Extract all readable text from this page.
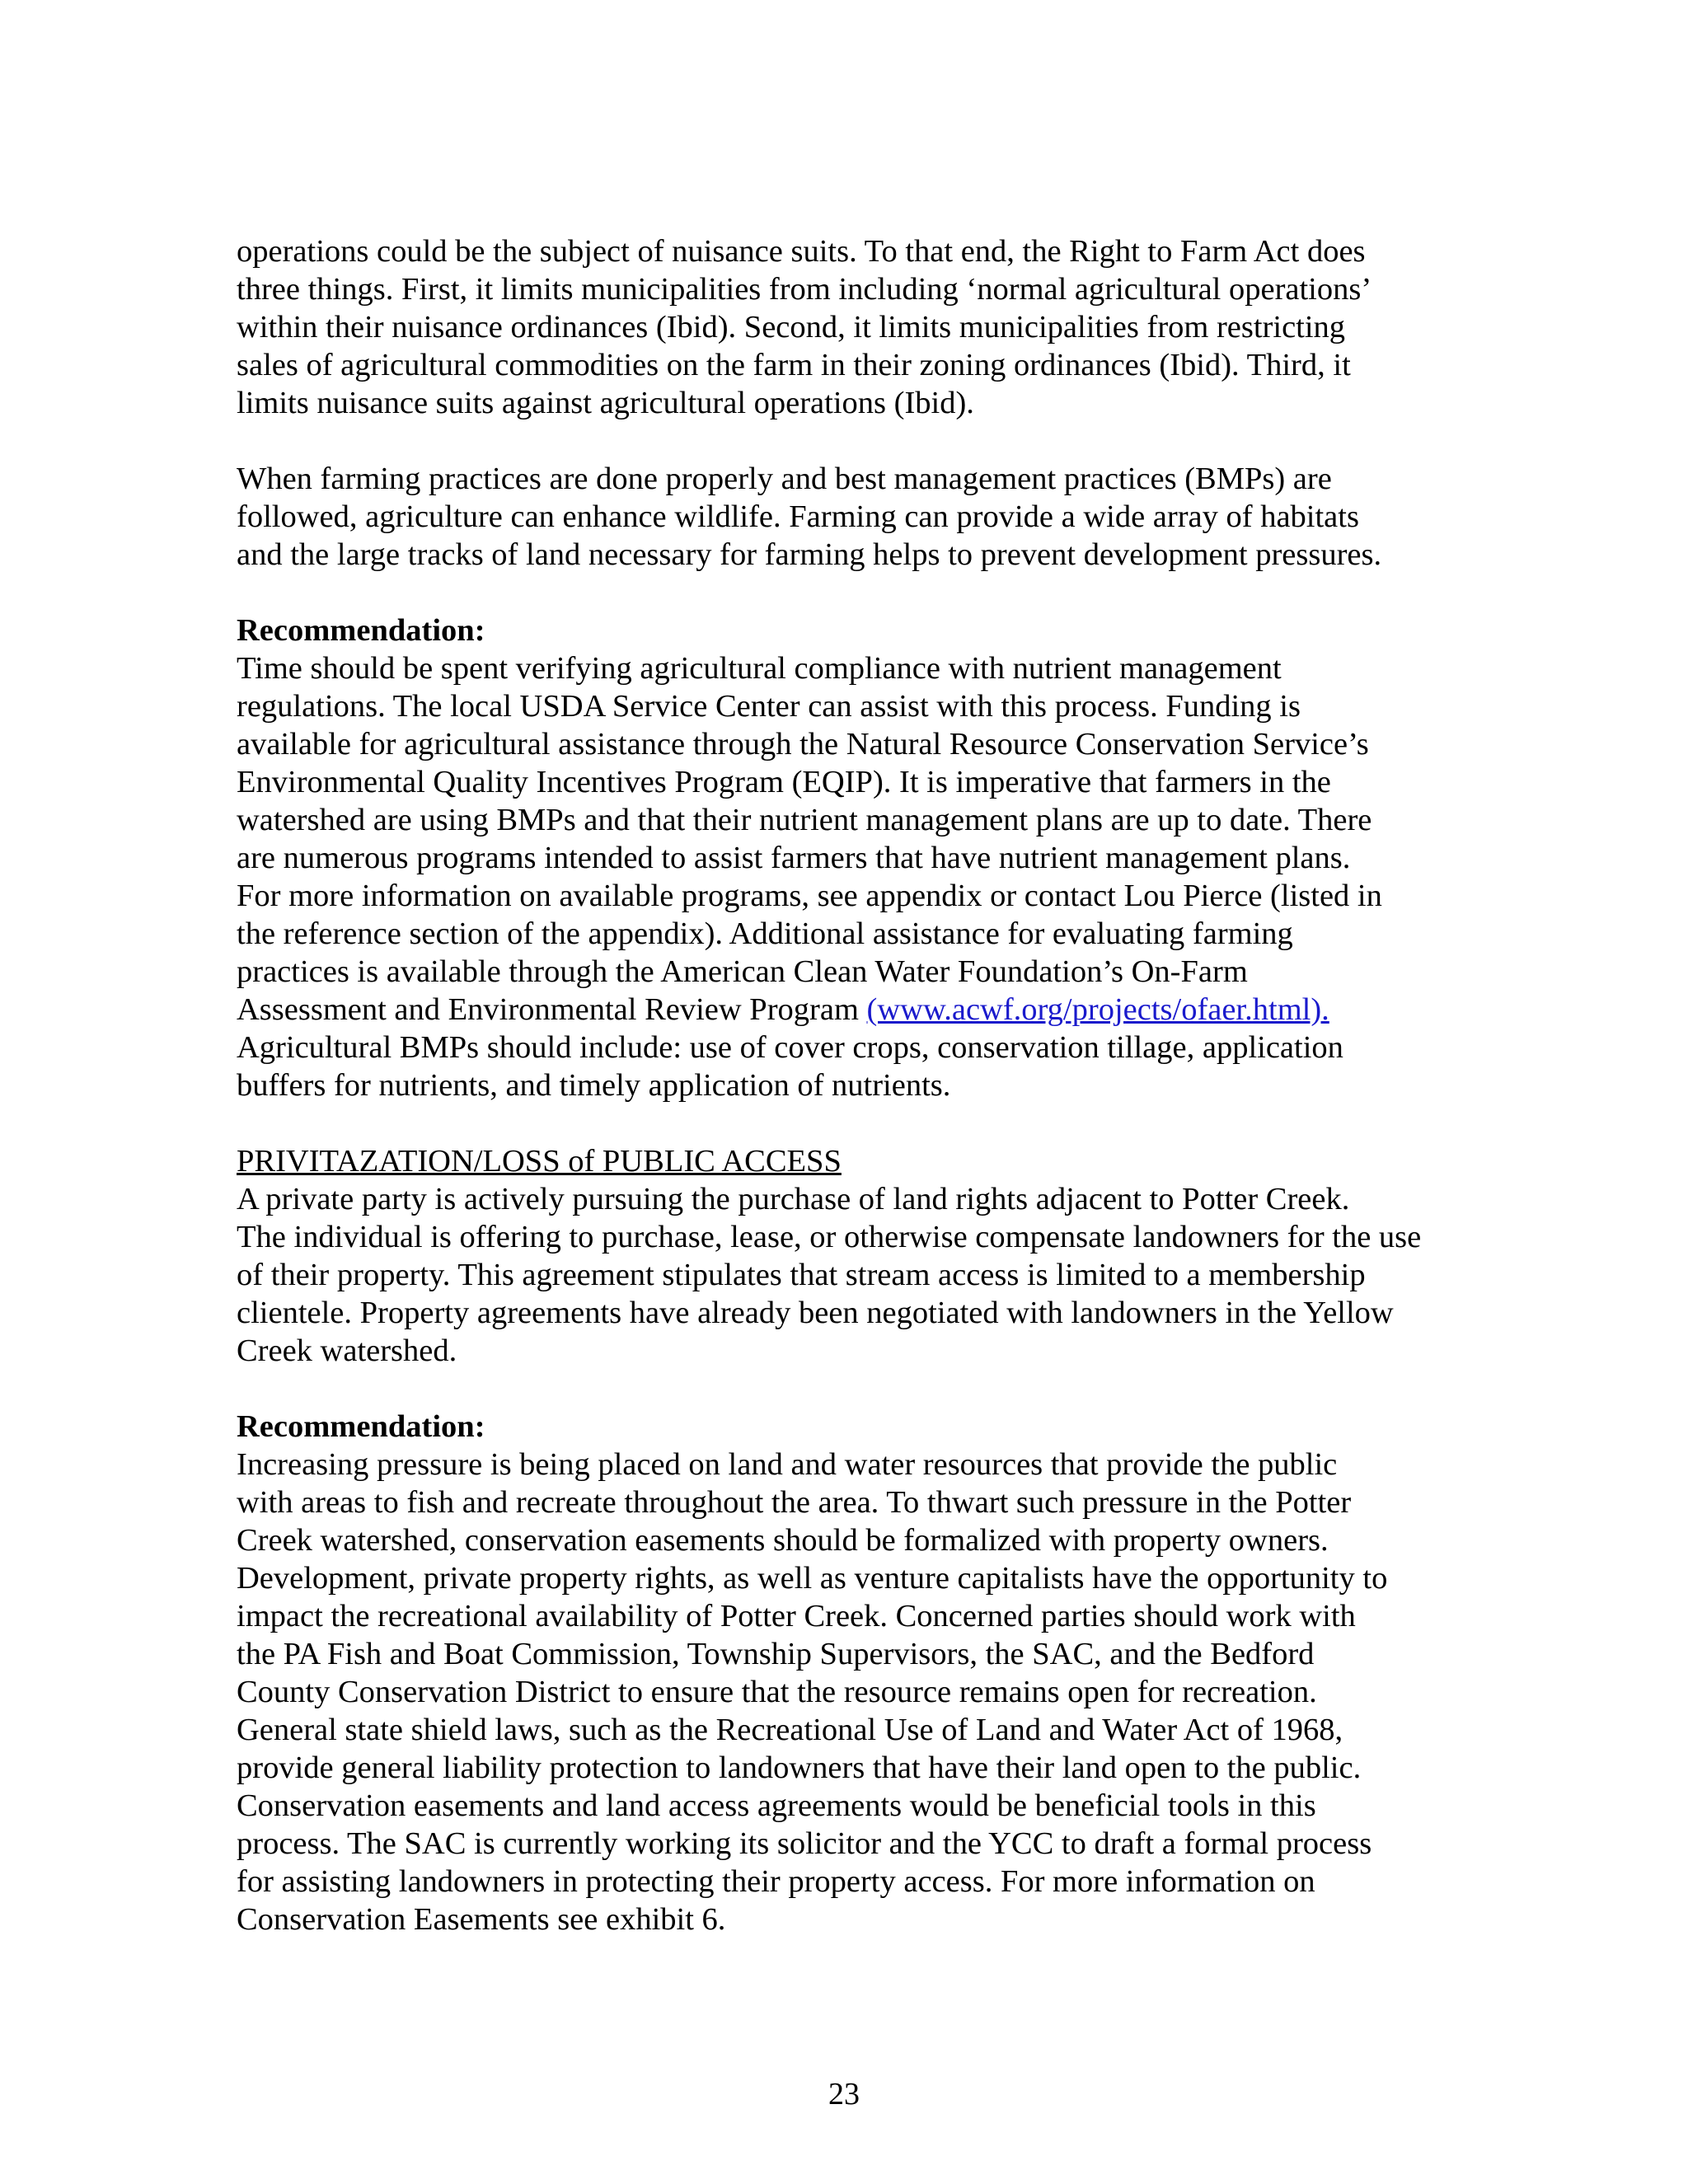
operations could be the subject of nuisance suits. To that end, the Right to Farm Act does
three things. First, it limits municipalities from including ‘normal agricultural operations’
within their nuisance ordinances (Ibid). Second, it limits municipalities from restricting
sales of agricultural commodities on the farm in their zoning ordinances (Ibid). Third, it
limits nuisance suits against agricultural operations (Ibid).
When farming practices are done properly and best management practices (BMPs) are
followed, agriculture can enhance wildlife. Farming can provide a wide array of habitats
and the large tracks of land necessary for farming helps to prevent development pressures.
Recommendation:
Time should be spent verifying agricultural compliance with nutrient management
regulations. The local USDA Service Center can assist with this process. Funding is
available for agricultural assistance through the Natural Resource Conservation Service’s
Environmental Quality Incentives Program (EQIP). It is imperative that farmers in the
watershed are using BMPs and that their nutrient management plans are up to date. There
are numerous programs intended to assist farmers that have nutrient management plans.
For more information on available programs, see appendix or contact Lou Pierce (listed in
the reference section of the appendix). Additional assistance for evaluating farming
practices is available through the American Clean Water Foundation’s On-Farm
Assessment and Environmental Review Program (www.acwf.org/projects/ofaer.html).
Agricultural BMPs should include: use of cover crops, conservation tillage, application
buffers for nutrients, and timely application of nutrients.
PRIVITAZATION/LOSS of PUBLIC ACCESS
A private party is actively pursuing the purchase of land rights adjacent to Potter Creek.
The individual is offering to purchase, lease, or otherwise compensate landowners for the use
of their property. This agreement stipulates that stream access is limited to a membership
clientele. Property agreements have already been negotiated with landowners in the Yellow
Creek watershed.
Recommendation:
Increasing pressure is being placed on land and water resources that provide the public
with areas to fish and recreate throughout the area. To thwart such pressure in the Potter
Creek watershed, conservation easements should be formalized with property owners.
Development, private property rights, as well as venture capitalists have the opportunity to
impact the recreational availability of Potter Creek. Concerned parties should work with
the PA Fish and Boat Commission, Township Supervisors, the SAC, and the Bedford
County Conservation District to ensure that the resource remains open for recreation.
General state shield laws, such as the Recreational Use of Land and Water Act of 1968,
provide general liability protection to landowners that have their land open to the public.
Conservation easements and land access agreements would be beneficial tools in this
process. The SAC is currently working its solicitor and the YCC to draft a formal process
for assisting landowners in protecting their property access. For more information on
Conservation Easements see exhibit 6.
23
